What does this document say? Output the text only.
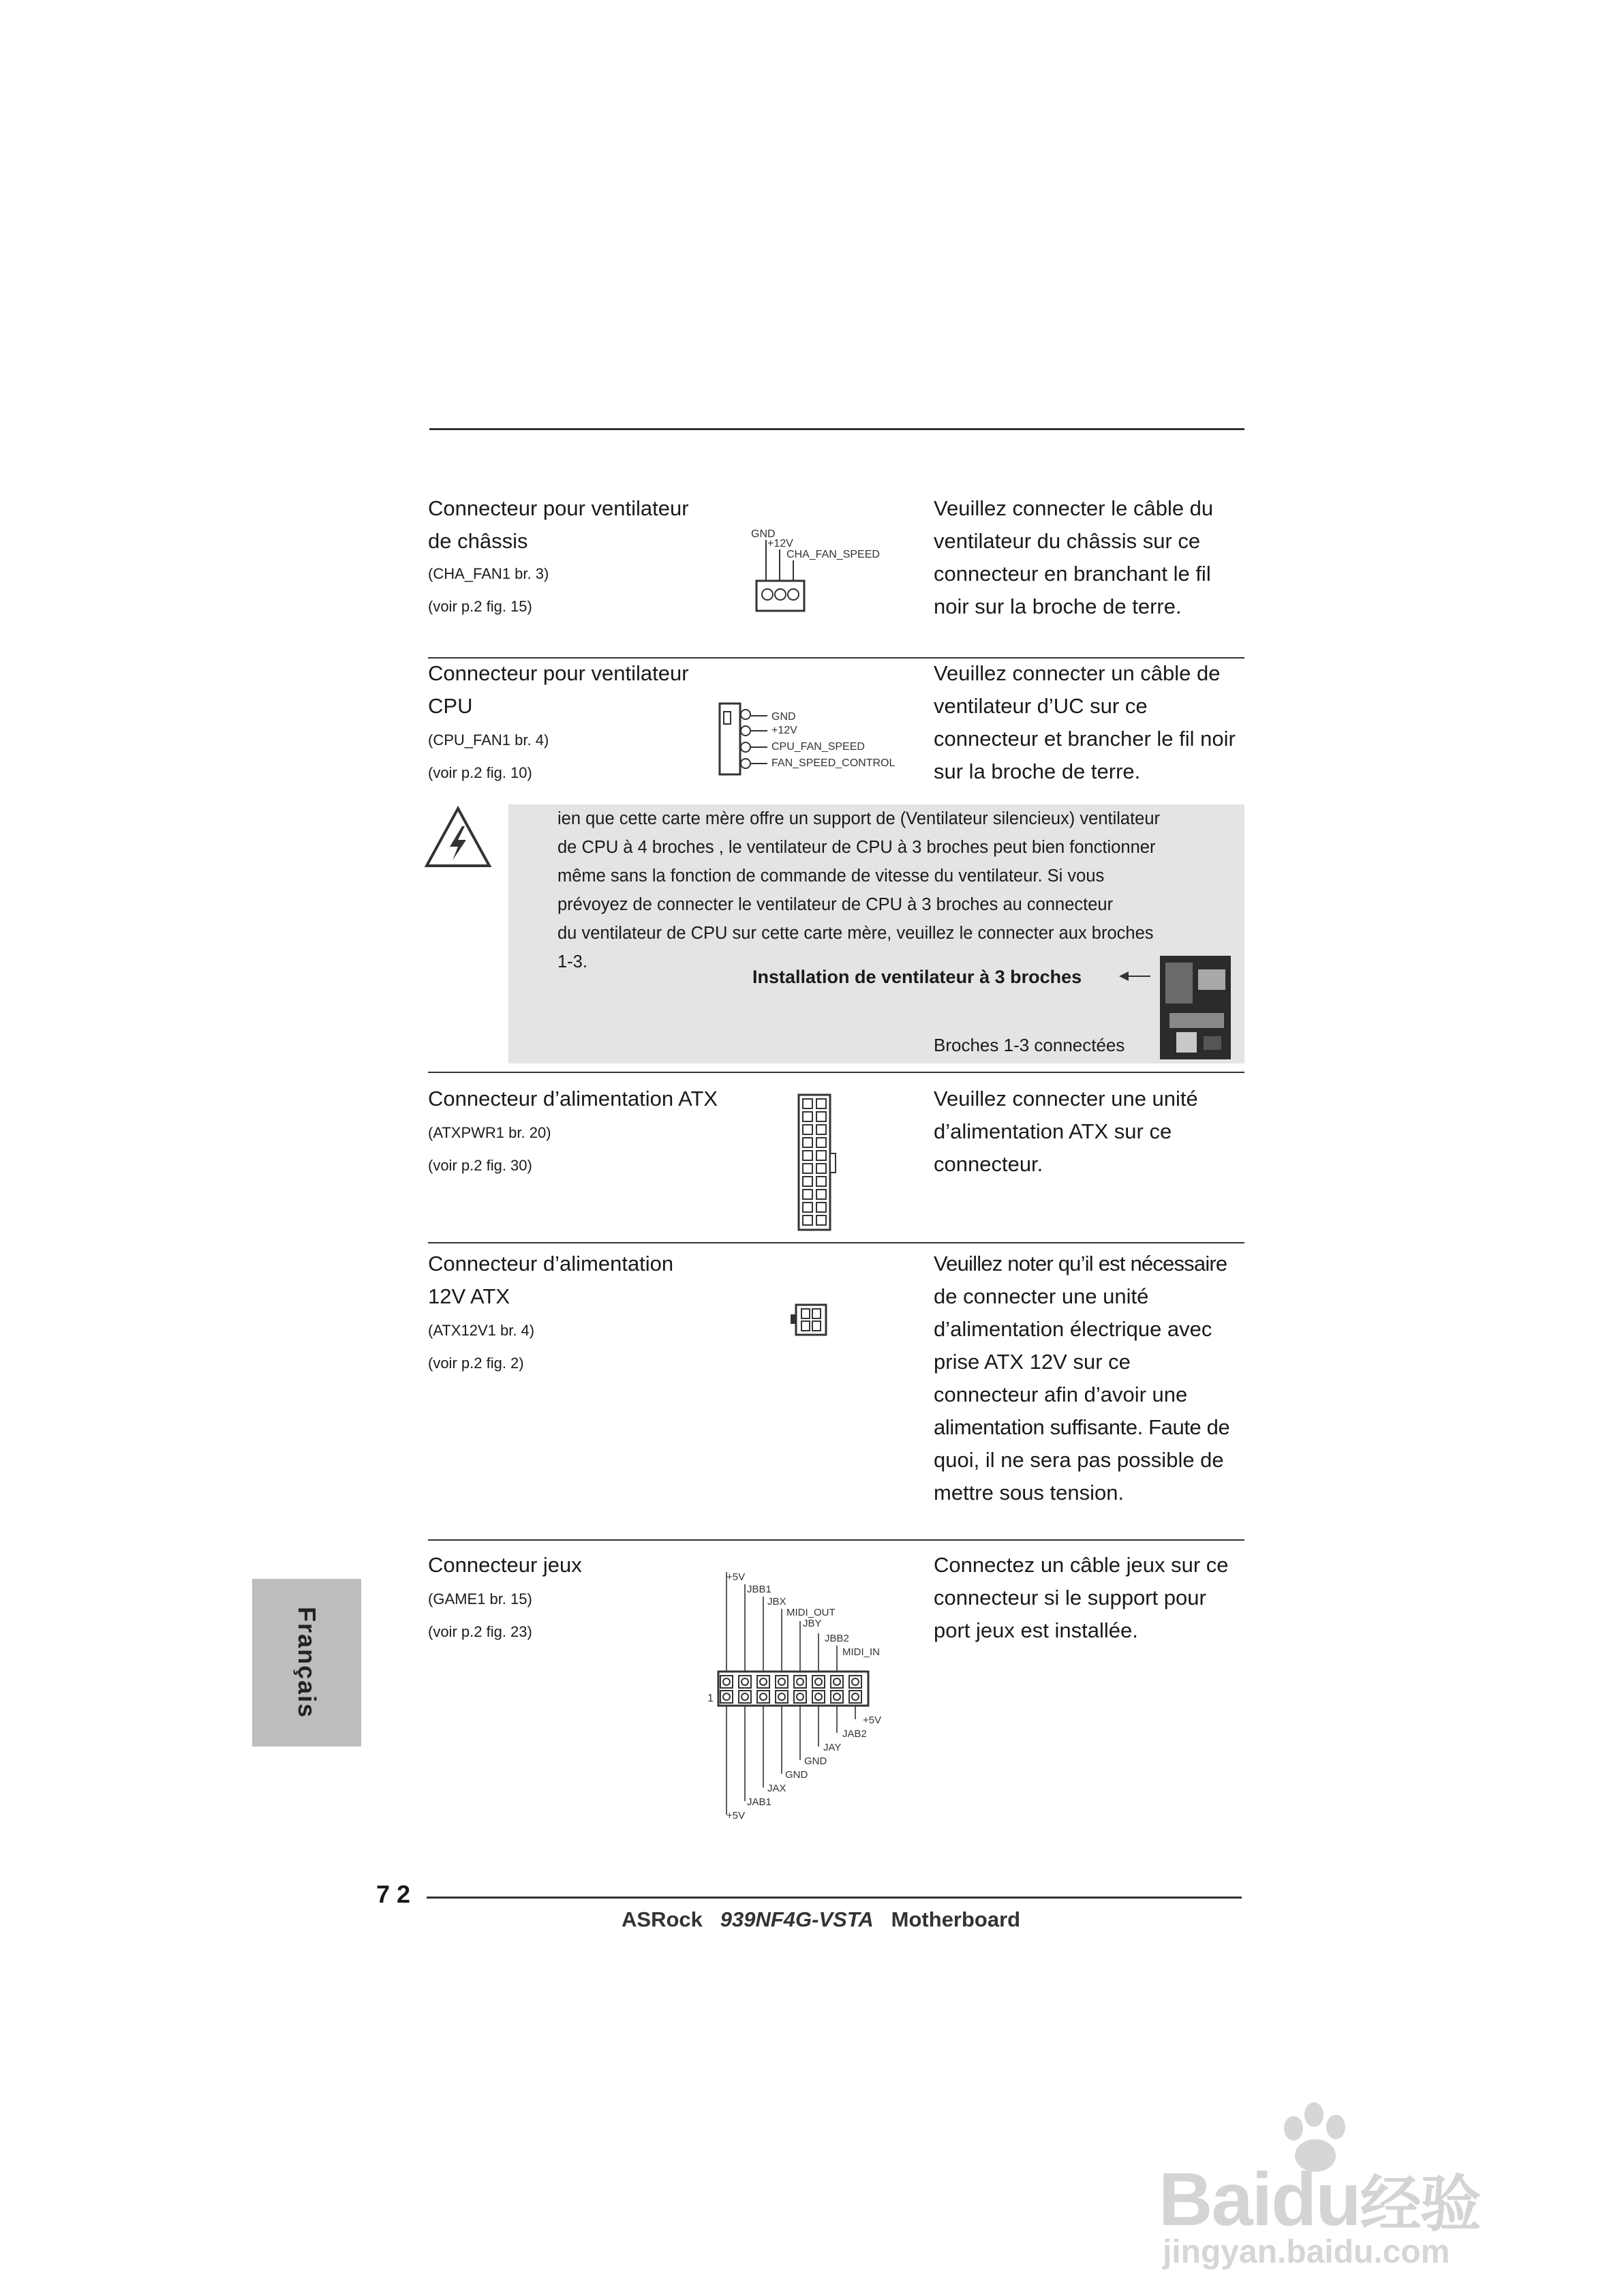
Connecteur pour ventilateur
de châssis
(CHA_FAN1 br. 3)
(voir p.2 fig. 15)
GND
+12V
CHA_FAN_SPEED
Veuillez connecter le câble du
ventilateur du châssis sur ce
connecteur en branchant le fil
noir sur la broche de terre.
Connecteur pour ventilateur
CPU
(CPU_FAN1 br. 4)
(voir p.2 fig. 10)
GND
+12V
CPU_FAN_SPEED
FAN_SPEED_CONTROL
Veuillez connecter un câble de
ventilateur d’UC sur ce
connecteur et brancher le fil noir
sur la broche de terre.
ien que cette carte mère offre un support de (Ventilateur silencieux) ventilateur
de CPU à 4 broches , le ventilateur de CPU à 3 broches peut bien fonctionner
même sans la fonction de commande de vitesse du ventilateur. Si vous
prévoyez de connecter le ventilateur de CPU à 3 broches au connecteur
du ventilateur de CPU sur cette carte mère, veuillez le connecter aux broches
1-3.
Installation de ventilateur à 3 broches
Broches 1-3 connectées
Connecteur d’alimentation ATX
(ATXPWR1 br. 20)
(voir p.2 fig. 30)
Veuillez connecter une unité
d’alimentation ATX sur ce
connecteur.
Connecteur d’alimentation
12V ATX
(ATX12V1 br. 4)
(voir p.2 fig. 2)
Veuillez noter qu’il est nécessaire
de connecter une unité
d’alimentation électrique avec
prise ATX 12V sur ce
connecteur afin d’avoir une
alimentation suffisante. Faute de
quoi, il ne sera pas possible de
mettre sous tension.
Connecteur jeux
(GAME1 br. 15)
(voir p.2 fig. 23)
1
+5V
JBB1
JBX
MIDI_OUT
JBY
JBB2
MIDI_IN
+5V
JAB2
JAY
GND
GND
JAX
JAB1
+5V
Connectez un câble jeux sur ce
connecteur si le support pour
port jeux est installée.
Français
7 2
ASRock 939NF4G-VSTA Motherboard
Baidu经验
jingyan.baidu.com
